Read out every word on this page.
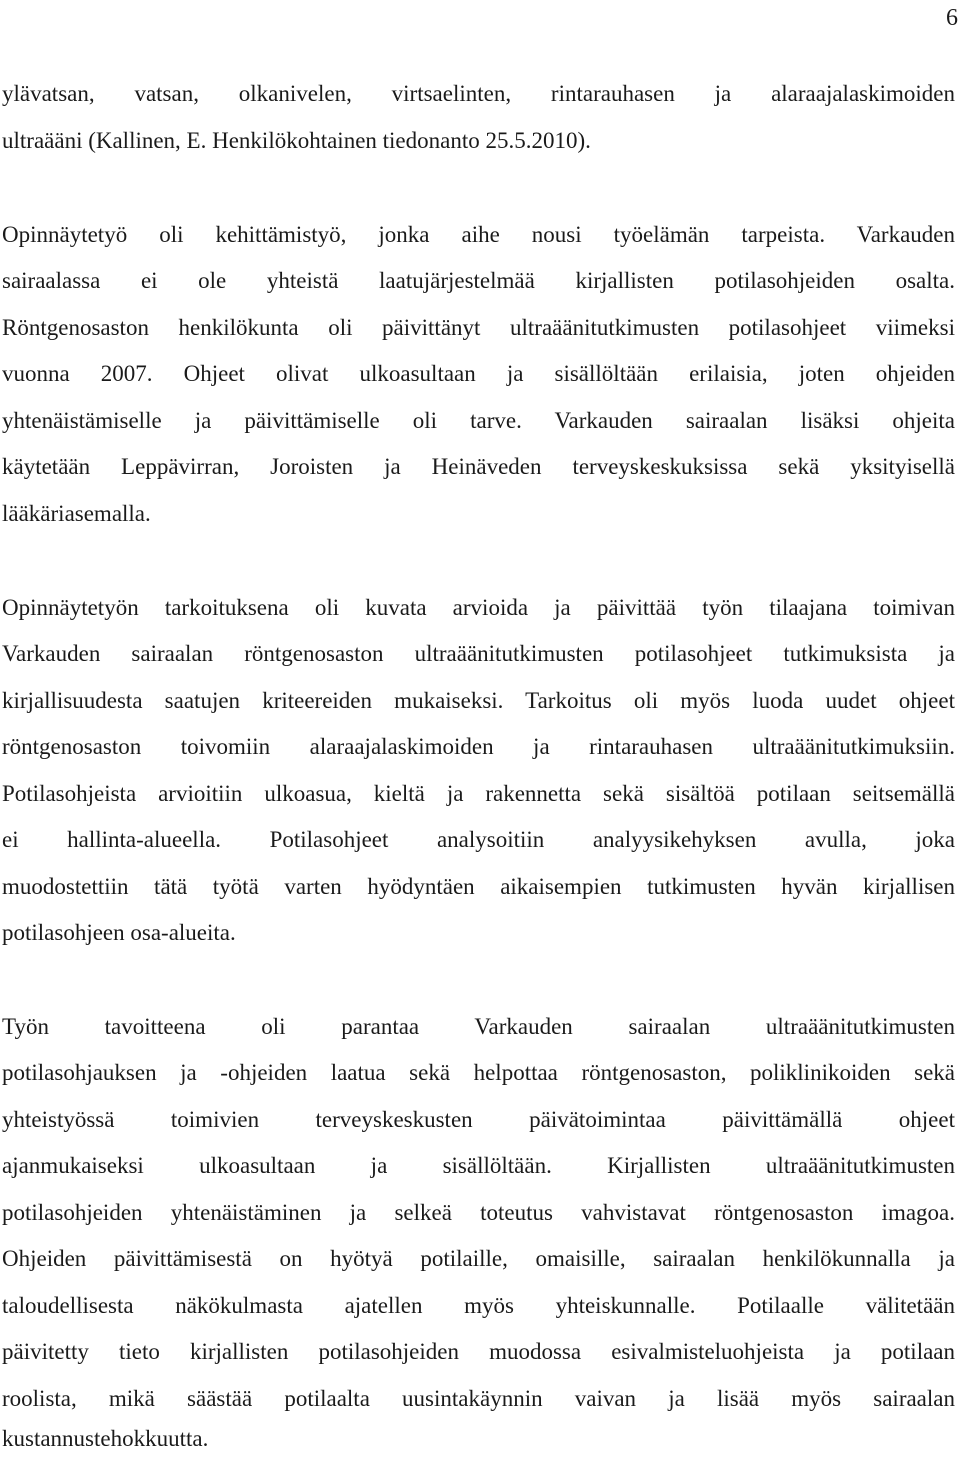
6
ylävatsan, vatsan, olkanivelen, virtsaelinten, rintarauhasen ja alaraajalaskimoiden
ultraääni (Kallinen, E. Henkilökohtainen tiedonanto 25.5.2010).
Opinnäytetyö oli kehittämistyö, jonka aihe nousi työelämän tarpeista. Varkauden
sairaalassa ei ole yhteistä laatujärjestelmää kirjallisten potilasohjeiden osalta.
Röntgenosaston henkilökunta oli päivittänyt ultraäänitutkimusten potilasohjeet viimeksi
vuonna 2007. Ohjeet olivat ulkoasultaan ja sisällöltään erilaisia, joten ohjeiden
yhtenäistämiselle ja päivittämiselle oli tarve. Varkauden sairaalan lisäksi ohjeita
käytetään Leppävirran, Joroisten ja Heinäveden terveyskeskuksissa sekä yksityisellä
lääkäriasemalla.
Opinnäytetyön tarkoituksena oli kuvata arvioida ja päivittää työn tilaajana toimivan
Varkauden sairaalan röntgenosaston ultraäänitutkimusten potilasohjeet tutkimuksista ja
kirjallisuudesta saatujen kriteereiden mukaiseksi. Tarkoitus oli myös luoda uudet ohjeet
röntgenosaston toivomiin alaraajalaskimoiden ja rintarauhasen ultraäänitutkimuksiin.
Potilasohjeista arvioitiin ulkoasua, kieltä ja rakennetta sekä sisältöä potilaan seitsemällä
ei hallinta-alueella. Potilasohjeet analysoitiin analyysikehyksen avulla, joka
muodostettiin tätä työtä varten hyödyntäen aikaisempien tutkimusten hyvän kirjallisen
potilasohjeen osa-alueita.
Työn tavoitteena oli parantaa Varkauden sairaalan ultraäänitutkimusten
potilasohjauksen ja -ohjeiden laatua sekä helpottaa röntgenosaston, poliklinikoiden sekä
yhteistyössä toimivien terveyskeskusten päivätoimintaa päivittämällä ohjeet
ajanmukaiseksi ulkoasultaan ja sisällöltään. Kirjallisten ultraäänitutkimusten
potilasohjeiden yhtenäistäminen ja selkeä toteutus vahvistavat röntgenosaston imagoa.
Ohjeiden päivittämisestä on hyötyä potilaille, omaisille, sairaalan henkilökunnalla ja
taloudellisesta näkökulmasta ajatellen myös yhteiskunnalle. Potilaalle välitetään
päivitetty tieto kirjallisten potilasohjeiden muodossa esivalmisteluohjeista ja potilaan
roolista, mikä säästää potilaalta uusintakäynnin vaivan ja lisää myös sairaalan
kustannustehokkuutta.
